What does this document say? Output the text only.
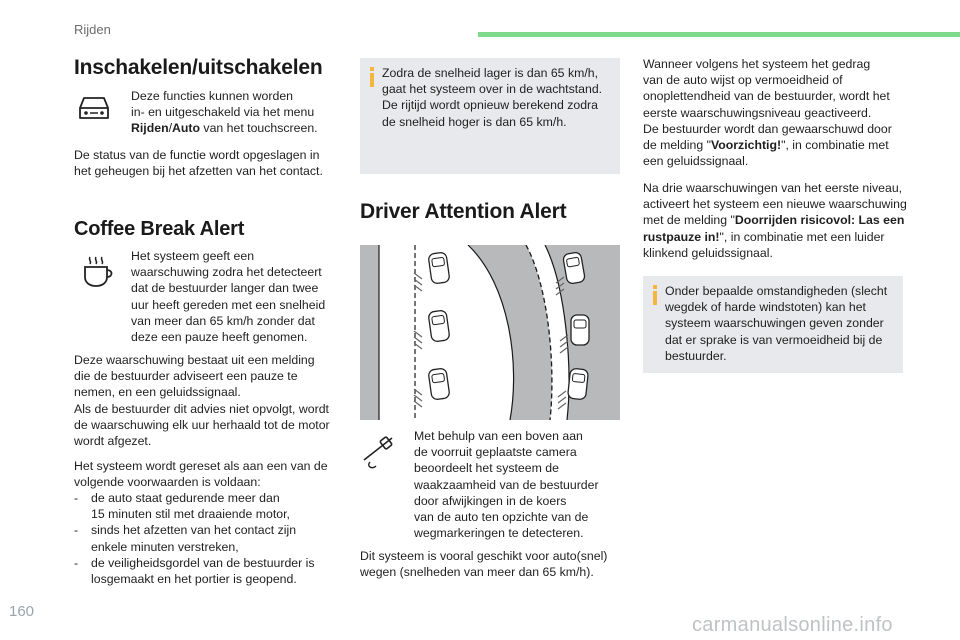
Rijden
Inschakelen/uitschakelen
Deze functies kunnen worden
in- en uitgeschakeld via het menu
Rijden/Auto van het touchscreen.
De status van de functie wordt opgeslagen in
het geheugen bij het afzetten van het contact.
Coffee Break Alert
Het systeem geeft een
waarschuwing zodra het detecteert
dat de bestuurder langer dan twee
uur heeft gereden met een snelheid
van meer dan 65 km/h zonder dat
deze een pauze heeft genomen.
Deze waarschuwing bestaat uit een melding
die de bestuurder adviseert een pauze te
nemen, en een geluidssignaal.
Als de bestuurder dit advies niet opvolgt, wordt
de waarschuwing elk uur herhaald tot de motor
wordt afgezet.
Het systeem wordt gereset als aan een van de
volgende voorwaarden is voldaan:
- de auto staat gedurende meer dan
15 minuten stil met draaiende motor,
- sinds het afzetten van het contact zijn
enkele minuten verstreken,
- de veiligheidsgordel van de bestuurder is
losgemaakt en het portier is geopend.
Zodra de snelheid lager is dan 65 km/h,
gaat het systeem over in de wachtstand.
De rijtijd wordt opnieuw berekend zodra
de snelheid hoger is dan 65 km/h.
Driver Attention Alert
Met behulp van een boven aan
de voorruit geplaatste camera
beoordeelt het systeem de
waakzaamheid van de bestuurder
door afwijkingen in de koers
van de auto ten opzichte van de
wegmarkeringen te detecteren.
Dit systeem is vooral geschikt voor auto(snel)
wegen (snelheden van meer dan 65 km/h).
Wanneer volgens het systeem het gedrag
van de auto wijst op vermoeidheid of
onoplettendheid van de bestuurder, wordt het
eerste waarschuwingsniveau geactiveerd.
De bestuurder wordt dan gewaarschuwd door
de melding "Voorzichtig!", in combinatie met
een geluidssignaal.
Na drie waarschuwingen van het eerste niveau,
activeert het systeem een nieuwe waarschuwing
met de melding "Doorrijden risicovol: Las een
rustpauze in!", in combinatie met een luider
klinkend geluidssignaal.
Onder bepaalde omstandigheden (slecht
wegdek of harde windstoten) kan het
systeem waarschuwingen geven zonder
dat er sprake is van vermoeidheid bij de
bestuurder.
160
carmanualsonline.info
